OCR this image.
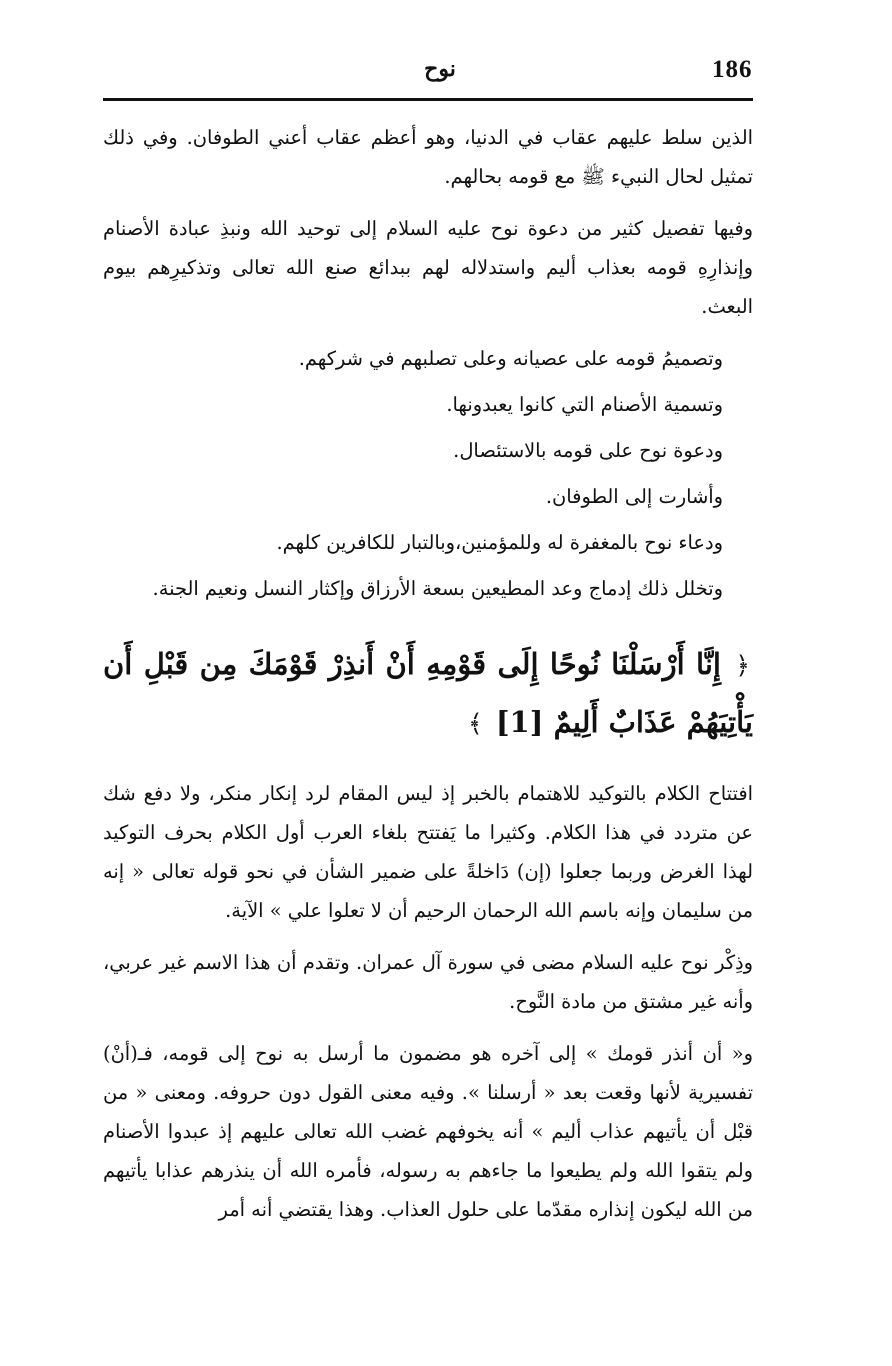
186
نوح

الذين سلط عليهم عقاب في الدنيا، وهو أعظم عقاب أعني الطوفان. وفي ذلك تمثيل لحال النبيء ﷺ مع قومه بحالهم.

وفيها تفصيل كثير من دعوة نوح عليه السلام إلى توحيد الله ونبذِ عبادة الأصنام وإنذارِهِ قومه بعذاب أليم واستدلاله لهم ببدائع صنع الله تعالى وتذكيرِهم بيوم البعث.

وتصميمُ قومه على عصيانه وعلى تصلبهم في شركهم.

وتسمية الأصنام التي كانوا يعبدونها.

ودعوة نوح على قومه بالاستئصال.

وأشارت إلى الطوفان.

ودعاء نوح بالمغفرة له وللمؤمنين،وبالتبار للكافرين كلهم.

وتخلل ذلك إدماج وعد المطيعين بسعة الأرزاق وإكثار النسل ونعيم الجنة.

﴿ إِنَّا أَرْسَلْنَا نُوحًا إِلَى قَوْمِهِ أَنْ أَنذِرْ قَوْمَكَ مِن قَبْلِ أَن يَأْتِيَهُمْ عَذَابٌ أَلِيمٌ [1] ﴾

افتتاح الكلام بالتوكيد للاهتمام بالخبر إذ ليس المقام لرد إنكار منكر، ولا دفع شك عن متردد في هذا الكلام. وكثيرا ما يَفتتح بلغاء العرب أول الكلام بحرف التوكيد لهذا الغرض وربما جعلوا (إن) دَاخلةً على ضمير الشأن في نحو قوله تعالى « إنه من سليمان وإنه باسم الله الرحمان الرحيم أن لا تعلوا علي » الآية.

وذِكْر نوح عليه السلام مضى في سورة آل عمران. وتقدم أن هذا الاسم غير عربي، وأنه غير مشتق من مادة النَّوح.

و« أن أنذر قومك » إلى آخره هو مضمون ما أرسل به نوح إلى قومه، فـ(أنْ) تفسيرية لأنها وقعت بعد « أرسلنا ». وفيه معنى القول دون حروفه. ومعنى « من قبْل أن يأتيهم عذاب أليم » أنه يخوفهم غضب الله تعالى عليهم إذ عبدوا الأصنام ولم يتقوا الله ولم يطيعوا ما جاءهم به رسوله، فأمره الله أن ينذرهم عذابا يأتيهم من الله ليكون إنذاره مقدّما على حلول العذاب. وهذا يقتضي أنه أمر
